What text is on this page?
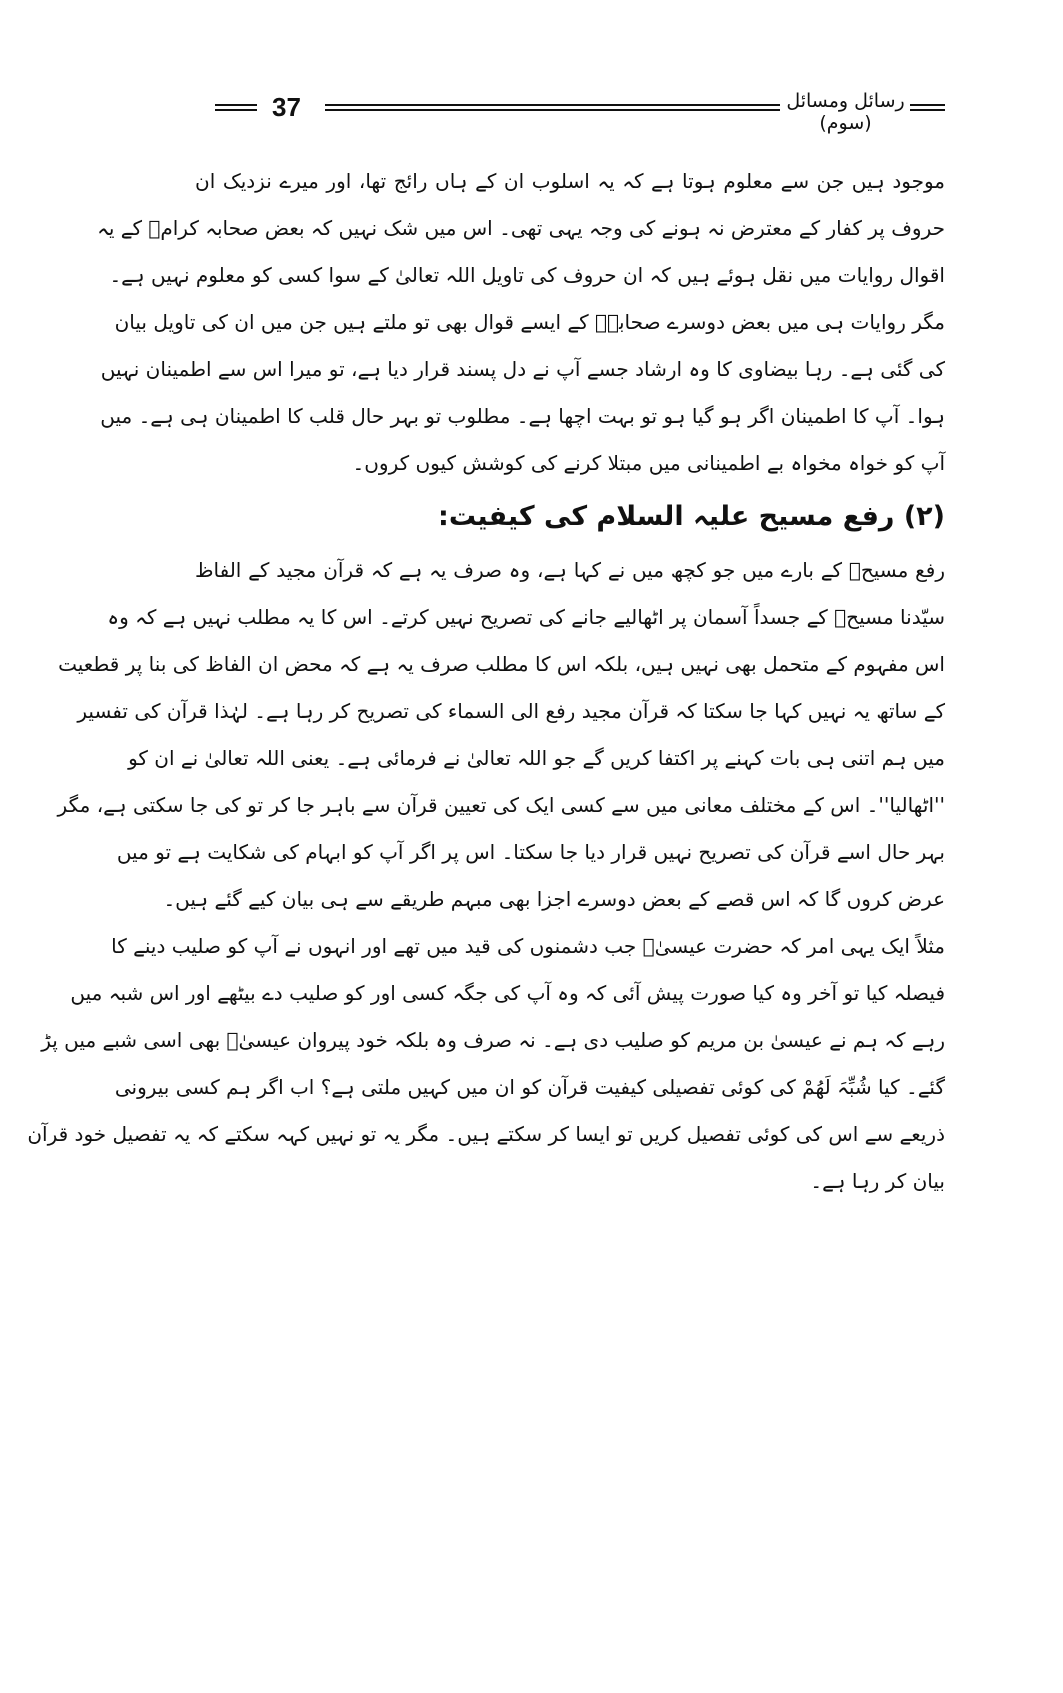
37	رسائل ومسائل (سوم)
موجود ہیں جن سے معلوم ہوتا ہے کہ یہ اسلوب ان کے ہاں رائج تھا، اور میرے نزدیک ان
حروف پر کفار کے معترض نہ ہونے کی وجہ یہی تھی۔ اس میں شک نہیں کہ بعض صحابہ کرامؓ کے یہ
اقوال روایات میں نقل ہوئے ہیں کہ ان حروف کی تاویل اللہ تعالیٰ کے سوا کسی کو معلوم نہیں ہے۔
مگر روایات ہی میں بعض دوسرے صحابہؓ کے ایسے قوال بھی تو ملتے ہیں جن میں ان کی تاویل بیان
کی گئی ہے۔ رہا بیضاوی کا وہ ارشاد جسے آپ نے دل پسند قرار دیا ہے، تو میرا اس سے اطمینان نہیں
ہوا۔ آپ کا اطمینان اگر ہو گیا ہو تو بہت اچھا ہے۔ مطلوب تو بہر حال قلب کا اطمینان ہی ہے۔ میں
آپ کو خواہ مخواہ بے اطمینانی میں مبتلا کرنے کی کوشش کیوں کروں۔
(۲) رفع مسیح علیہ السلام کی کیفیت:
رفع مسیحؑ کے بارے میں جو کچھ میں نے کہا ہے، وہ صرف یہ ہے کہ قرآن مجید کے الفاظ
سیّدنا مسیحؑ کے جسداً آسمان پر اٹھالیے جانے کی تصریح نہیں کرتے۔ اس کا یہ مطلب نہیں ہے کہ وہ
اس مفہوم کے متحمل بھی نہیں ہیں، بلکہ اس کا مطلب صرف یہ ہے کہ محض ان الفاظ کی بنا پر قطعیت
کے ساتھ یہ نہیں کہا جا سکتا کہ قرآن مجید رفع الی السماء کی تصریح کر رہا ہے۔ لہٰذا قرآن کی تفسیر
میں ہم اتنی ہی بات کہنے پر اکتفا کریں گے جو اللہ تعالیٰ نے فرمائی ہے۔ یعنی اللہ تعالیٰ نے ان کو
''اٹھالیا''۔ اس کے مختلف معانی میں سے کسی ایک کی تعیین قرآن سے باہر جا کر تو کی جا سکتی ہے، مگر
بہر حال اسے قرآن کی تصریح نہیں قرار دیا جا سکتا۔ اس پر اگر آپ کو ابہام کی شکایت ہے تو میں
عرض کروں گا کہ اس قصے کے بعض دوسرے اجزا بھی مبہم طریقے سے ہی بیان کیے گئے ہیں۔
مثلاً ایک یہی امر کہ حضرت عیسیٰؑ جب دشمنوں کی قید میں تھے اور انہوں نے آپ کو صلیب دینے کا
فیصلہ کیا تو آخر وہ کیا صورت پیش آئی کہ وہ آپ کی جگہ کسی اور کو صلیب دے بیٹھے اور اس شبہ میں
رہے کہ ہم نے عیسیٰ بن مریم کو صلیب دی ہے۔ نہ صرف وہ بلکہ خود پیروان عیسیٰؑ بھی اسی شبے میں پڑ
گئے۔ کیا شُبِّہَ لَهُمْ کی کوئی تفصیلی کیفیت قرآن کو ان میں کہیں ملتی ہے؟ اب اگر ہم کسی بیرونی
ذریعے سے اس کی کوئی تفصیل کریں تو ایسا کر سکتے ہیں۔ مگر یہ تو نہیں کہہ سکتے کہ یہ تفصیل خود قرآن
بیان کر رہا ہے۔
